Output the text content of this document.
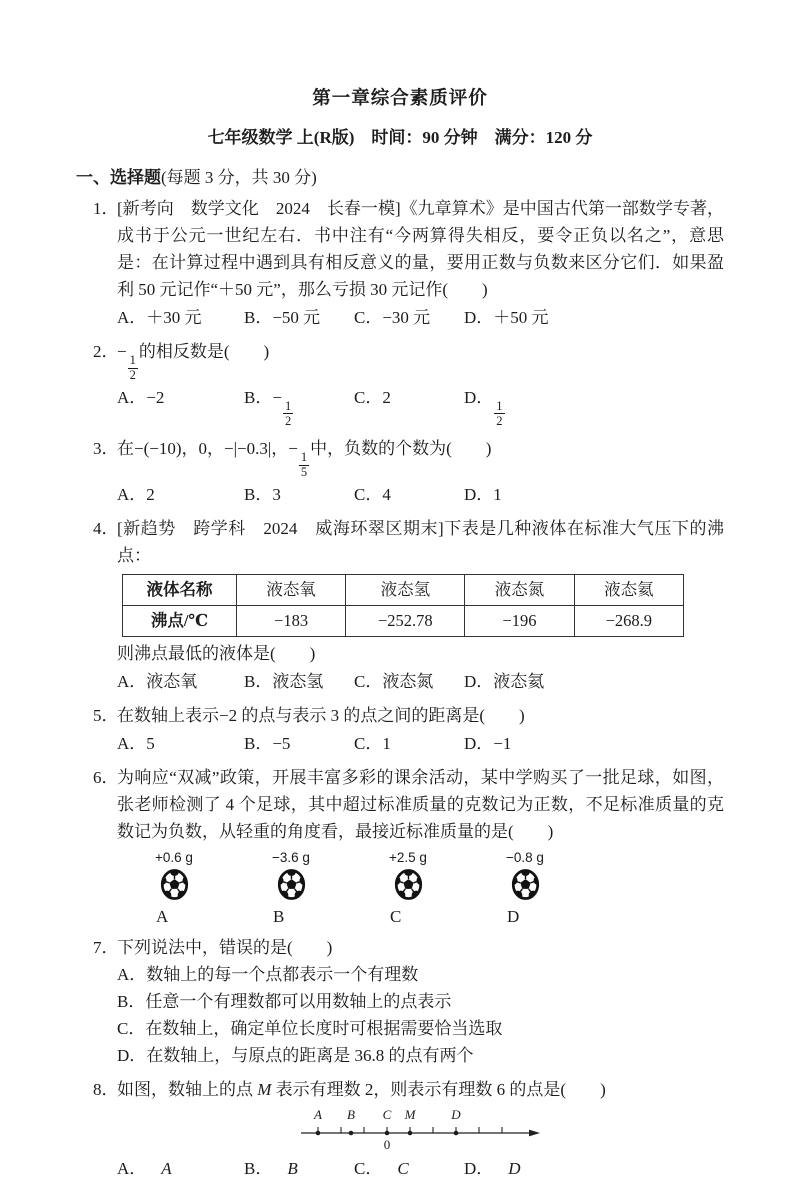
第一章综合素质评价
七年级数学 上(R版)　时间：90 分钟　满分：120 分
一、选择题(每题 3 分，共 30 分)
1．
[新考向　数学文化　2024　长春一模]《九章算术》是中国古代第一部数学专著，成书于公元一世纪左右．书中注有“今两算得失相反，要令正负以名之”，意思是：在计算过程中遇到具有相反意义的量，要用正数与负数来区分它们．如果盈利 50 元记作“＋50 元”，那么亏损 30 元记作(　　)
A．＋30 元	B．−50 元	C．−30 元	D．＋50 元
2．
−
$\frac{1}{2}$
的相反数是(　　)
A．−2	B．−
$\frac{1}{2}$
C．2	D．
$\frac{1}{2}$
3．
在−(−10)，0，−|−0.3|，−
$\frac{1}{5}$
中，负数的个数为(　　)
A．2	B．3	C．4	D．1
4．
[新趋势　跨学科　2024　威海环翠区期末]下表是几种液体在标准大气压下的沸点：
液体名称	液态氧	液态氢	液态氮	液态氦
沸点/℃	−183	−252.78	−196	−268.9
则沸点最低的液体是(　　)
A．液态氧	B．液态氢	C．液态氮	D．液态氦
5．
在数轴上表示−2 的点与表示 3 的点之间的距离是(　　)
A．5	B．−5	C．1	D．−1
6．
为响应“双减”政策，开展丰富多彩的课余活动，某中学购买了一批足球，如图，张老师检测了 4 个足球，其中超过标准质量的克数记为正数，不足标准质量的克数记为负数，从轻重的角度看，最接近标准质量的是(　　)
+0.6 g
A
−3.6 g
B
+2.5 g
C
−0.8 g
D
7．
下列说法中，错误的是(　　)
A．数轴上的每一个点都表示一个有理数
B．任意一个有理数都可以用数轴上的点表示
C．在数轴上，确定单位长度时可根据需要恰当选取
D．在数轴上，与原点的距离是 36.8 的点有两个
8．
如图，数轴上的点 M 表示有理数 2，则表示有理数 6 的点是(　　)
A B C M	D
0
A． A	B． B	C． C	D． D
